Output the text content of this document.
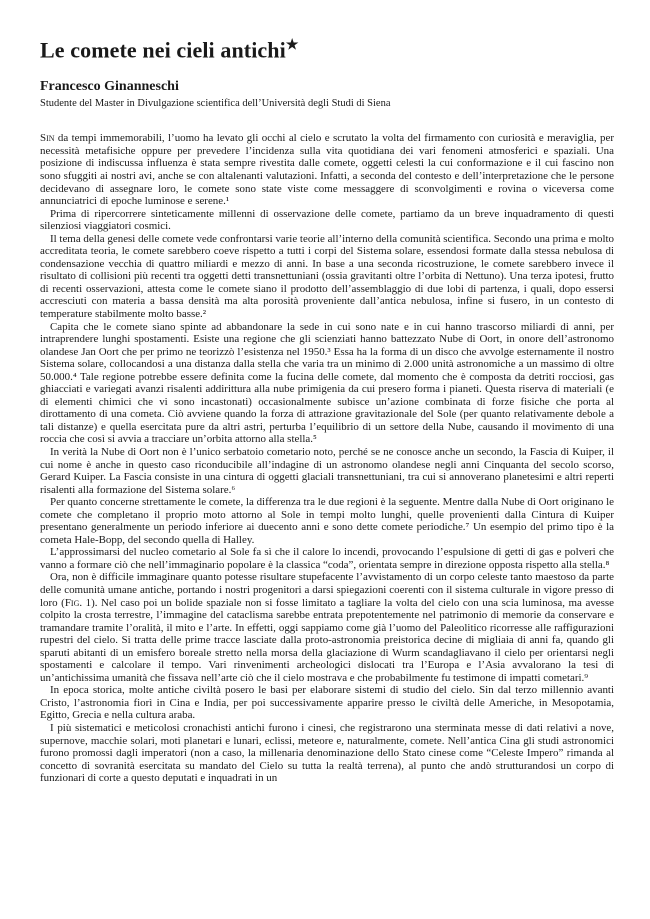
Le comete nei cieli antichi★
Francesco Ginanneschi
Studente del Master in Divulgazione scientifica dell’Università degli Studi di Siena

Sin da tempi immemorabili, l’uomo ha levato gli occhi al cielo e scrutato la volta del firmamento con curiosità e meraviglia, per necessità metafisiche oppure per prevedere l’incidenza sulla vita quotidiana dei vari fenomeni atmosferici e spaziali. Una posizione di indiscussa influenza è stata sempre rivestita dalle comete, oggetti celesti la cui conformazione e il cui fascino non sono sfuggiti ai nostri avi, anche se con altalenanti valutazioni. Infatti, a seconda del contesto e dell’interpretazione che le persone decidevano di assegnare loro, le comete sono state viste come messaggere di sconvolgimenti e rovina o viceversa come annunciatrici di epoche luminose e serene.¹

Prima di ripercorrere sinteticamente millenni di osservazione delle comete, partiamo da un breve inquadramento di questi silenziosi viaggiatori cosmici.

Il tema della genesi delle comete vede confrontarsi varie teorie all’interno della comunità scientifica. Secondo una prima e molto accreditata teoria, le comete sarebbero coeve rispetto a tutti i corpi del Sistema solare, essendosi formate dalla stessa nebulosa di condensazione vecchia di quattro miliardi e mezzo di anni. In base a una seconda ricostruzione, le comete sarebbero invece il risultato di collisioni più recenti tra oggetti detti transnettuniani (ossia gravitanti oltre l’orbita di Nettuno). Una terza ipotesi, frutto di recenti osservazioni, attesta come le comete siano il prodotto dell’assemblaggio di due lobi di partenza, i quali, dopo essersi accresciuti con materia a bassa densità ma alta porosità proveniente dall’antica nebulosa, infine si fusero, in un contesto di temperature stabilmente molto basse.²

Capita che le comete siano spinte ad abbandonare la sede in cui sono nate e in cui hanno trascorso miliardi di anni, per intraprendere lunghi spostamenti. Esiste una regione che gli scienziati hanno battezzato Nube di Oort, in onore dell’astronomo olandese Jan Oort che per primo ne teorizzò l’esistenza nel 1950.³ Essa ha la forma di un disco che avvolge esternamente il nostro Sistema solare, collocandosi a una distanza dalla stella che varia tra un minimo di 2.000 unità astronomiche a un massimo di oltre 50.000.⁴ Tale regione potrebbe essere definita come la fucina delle comete, dal momento che è composta da detriti rocciosi, gas ghiacciati e variegati avanzi risalenti addirittura alla nube primigenia da cui presero forma i pianeti. Questa riserva di materiali (e di elementi chimici che vi sono incastonati) occasionalmente subisce un’azione combinata di forze fisiche che porta al dirottamento di una cometa. Ciò avviene quando la forza di attrazione gravitazionale del Sole (per quanto relativamente debole a tali distanze) e quella esercitata pure da altri astri, perturba l’equilibrio di un settore della Nube, causando il movimento di una roccia che così si avvia a tracciare un’orbita attorno alla stella.⁵

In verità la Nube di Oort non è l’unico serbatoio cometario noto, perché se ne conosce anche un secondo, la Fascia di Kuiper, il cui nome è anche in questo caso riconducibile all’indagine di un astronomo olandese negli anni Cinquanta del secolo scorso, Gerard Kuiper. La Fascia consiste in una cintura di oggetti glaciali transnettuniani, tra cui si annoverano planetesimi e altri reperti risalenti alla formazione del Sistema solare.⁶

Per quanto concerne strettamente le comete, la differenza tra le due regioni è la seguente. Mentre dalla Nube di Oort originano le comete che completano il proprio moto attorno al Sole in tempi molto lunghi, quelle provenienti dalla Cintura di Kuiper presentano generalmente un periodo inferiore ai duecento anni e sono dette comete periodiche.⁷ Un esempio del primo tipo è la cometa Hale-Bopp, del secondo quella di Halley.

L’approssimarsi del nucleo cometario al Sole fa sì che il calore lo incendi, provocando l’espulsione di getti di gas e polveri che vanno a formare ciò che nell’immaginario popolare è la classica “coda”, orientata sempre in direzione opposta rispetto alla stella.⁸

Ora, non è difficile immaginare quanto potesse risultare stupefacente l’avvistamento di un corpo celeste tanto maestoso da parte delle comunità umane antiche, portando i nostri progenitori a darsi spiegazioni coerenti con il sistema culturale in vigore presso di loro (Fig. 1). Nel caso poi un bolide spaziale non si fosse limitato a tagliare la volta del cielo con una scia luminosa, ma avesse colpito la crosta terrestre, l’immagine del cataclisma sarebbe entrata prepotentemente nel patrimonio di memorie da conservare e tramandare tramite l’oralità, il mito e l’arte. In effetti, oggi sappiamo come già l’uomo del Paleolitico ricorresse alle raffigurazioni rupestri del cielo. Si tratta delle prime tracce lasciate dalla proto-astronomia preistorica decine di migliaia di anni fa, quando gli sparuti abitanti di un emisfero boreale stretto nella morsa della glaciazione di Wurm scandagliavano il cielo per orientarsi negli spostamenti e calcolare il tempo. Vari rinvenimenti archeologici dislocati tra l’Europa e l’Asia avvalorano la tesi di un’antichissima umanità che fissava nell’arte ciò che il cielo mostrava e che probabilmente fu testimone di impatti cometari.⁹

In epoca storica, molte antiche civiltà posero le basi per elaborare sistemi di studio del cielo. Sin dal terzo millennio avanti Cristo, l’astronomia fiorì in Cina e India, per poi successivamente apparire presso le civiltà delle Americhe, in Mesopotamia, Egitto, Grecia e nella cultura araba.

I più sistematici e meticolosi cronachisti antichi furono i cinesi, che registrarono una sterminata messe di dati relativi a nove, supernove, macchie solari, moti planetari e lunari, eclissi, meteore e, naturalmente, comete. Nell’antica Cina gli studi astronomici furono promossi dagli imperatori (non a caso, la millenaria denominazione dello Stato cinese come “Celeste Impero” rimanda al concetto di sovranità esercitata su mandato del Cielo su tutta la realtà terrena), al punto che andò strutturandosi un corpo di funzionari di corte a questo deputati e inquadrati in un
